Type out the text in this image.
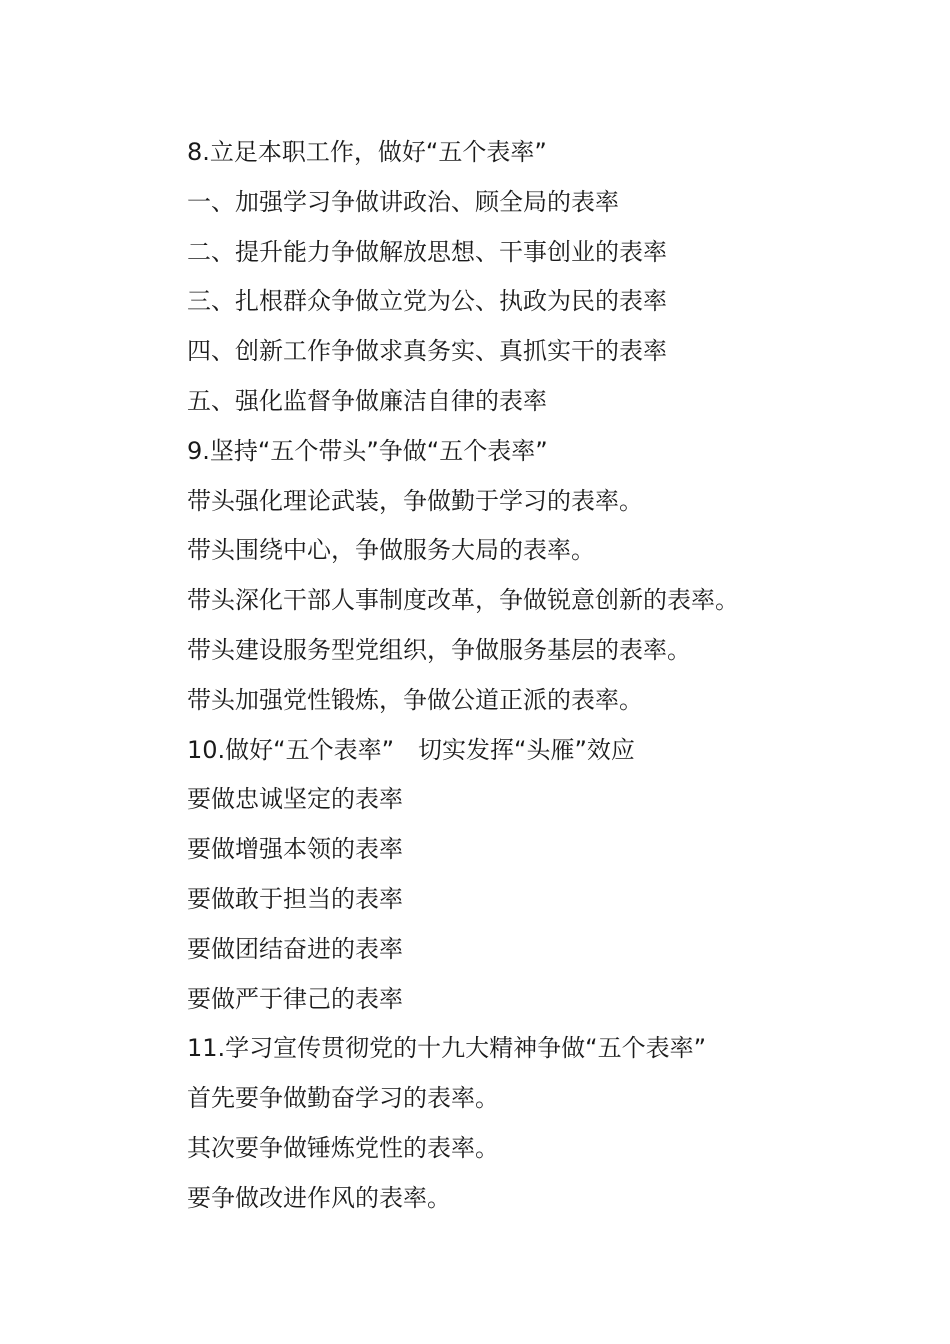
8.立足本职工作，做好“五个表率”
一、加强学习争做讲政治、顾全局的表率
二、提升能力争做解放思想、干事创业的表率
三、扎根群众争做立党为公、执政为民的表率
四、创新工作争做求真务实、真抓实干的表率
五、强化监督争做廉洁自律的表率
9.坚持“五个带头”争做“五个表率”
带头强化理论武装，争做勤于学习的表率。
带头围绕中心，争做服务大局的表率。
带头深化干部人事制度改革，争做锐意创新的表率。
带头建设服务型党组织，争做服务基层的表率。
带头加强党性锻炼，争做公道正派的表率。
10.做好“五个表率”　切实发挥“头雁”效应
要做忠诚坚定的表率
要做增强本领的表率
要做敢于担当的表率
要做团结奋进的表率
要做严于律己的表率
11.学习宣传贯彻党的十九大精神争做“五个表率”
首先要争做勤奋学习的表率。
其次要争做锤炼党性的表率。
要争做改进作风的表率。
